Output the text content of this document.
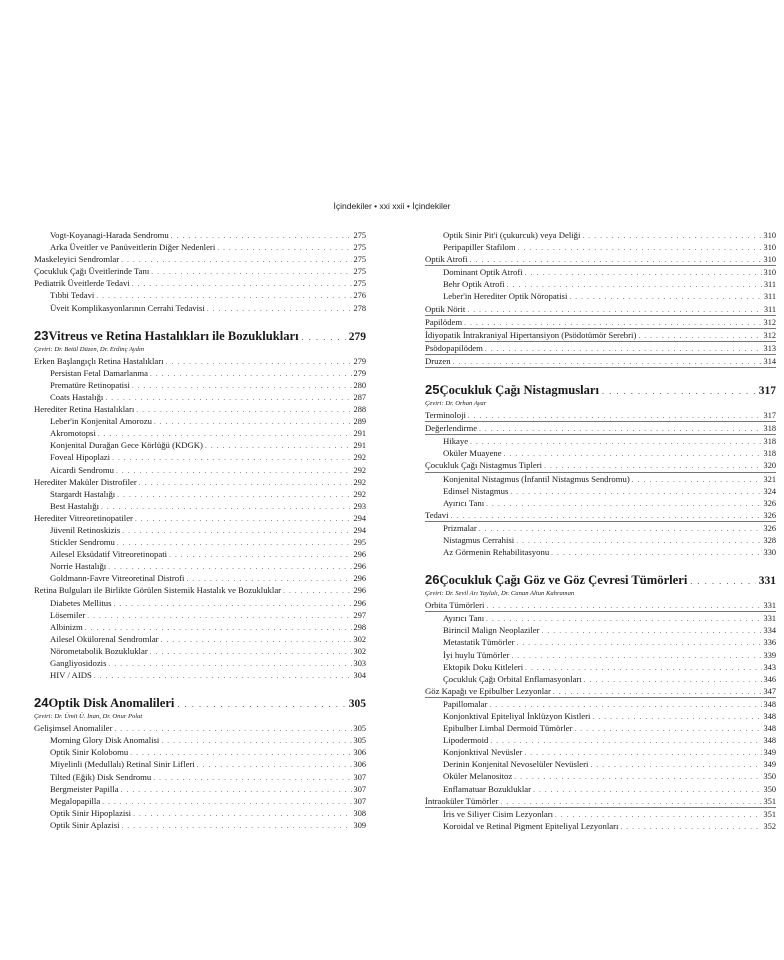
İçindekiler • xxi xxii • İçindekiler
Vogt-Koyanagi-Harada Sendromu . . .	275
Arka Üveitler ve Panüveitlerin Diğer Nedenleri . . .	275
Maskeleyici Sendromlar . . .	275
Çocukluk Çağı Üveitlerinde Tanı . . .	275
Pediatrik Üveitlerde Tedavi . . .	275
Tıbbi Tedavi . . .	276
Üveit Komplikasyonlarının Cerrahi Tedavisi . . .	278
23 Vitreus ve Retina Hastalıkları ile Bozuklukları . . .	279
Çeviri: Dr. Betül Düzen, Dr. Erdinç Aydın
Erken Başlangıçlı Retina Hastalıkları . . .	279
Persistan Fetal Damarlanma . . .	279
Prematüre Retinopatisi . . .	280
Coats Hastalığı . . .	287
Herediter Retina Hastalıkları . . .	288
Leber'in Konjenital Amorozu . . .	289
Akromotopsi . . .	291
Konjenital Durağan Gece Körlüğü (KDGK) . . .	291
Foveal Hipoplazi . . .	292
Aicardi Sendromu . . .	292
Herediter Maküler Distrofiler . . .	292
Stargardt Hastalığı . . .	292
Best Hastalığı . . .	293
Herediter Vitreoretinopatiler . . .	294
Jüvenil Retinoskizis . . .	294
Stickler Sendromu . . .	295
Ailesel Eksüdatif Vitreoretinopati . . .	296
Norrie Hastalığı . . .	296
Goldmann-Favre Vitreoretinal Distrofi . . .	296
Retina Bulguları ile Birlikte Görülen Sistemik Hastalık ve Bozukluklar . . .	296
Diabetes Mellitus . . .	296
Lösemiler . . .	297
Albinizm . . .	298
Ailesel Okülorenal Sendromlar . . .	302
Nörometabolik Bozukluklar . . .	302
Gangliyosidozis . . .	303
HIV / AIDS . . .	304
24 Optik Disk Anomalileri . . .	305
Çeviri: Dr. Ümit Ü. İnan, Dr. Onur Polat
Gelişimsel Anomaliler . . .	305
Morning Glory Disk Anomalisi . . .	305
Optik Sinir Kolobomu . . .	306
Miyelinli (Medullalı) Retinal Sinir Lifleri . . .	306
Tilted (Eğik) Disk Sendromu . . .	307
Bergmeister Papilla . . .	307
Megalopapilla . . .	307
Optik Sinir Hipoplazisi . . .	308
Optik Sinir Aplazisi . . .	309
Optik Sinir Pit'i (çukurcuk) veya Deliği . . .	310
Peripapiller Stafilom . . .	310
Optik Atrofi . . .	310
Dominant Optik Atrofi . . .	310
Behr Optik Atrofi . . .	311
Leber'in Herediter Optik Nöropatisi . . .	311
Optik Nörit . . .	311
Papilödem . . .	312
İdiyopatik İntrakraniyal Hipertansiyon (Psödotümör Serebri) . . .	312
Psödopapilödem . . .	313
Druzen . . .	314
25 Çocukluk Çağı Nistagmusları . . .	317
Çeviri: Dr. Orhan Ayar
Terminoloji . . .	317
Değerlendirme . . .	318
Hikaye . . .	318
Oküler Muayene . . .	318
Çocukluk Çağı Nistagmus Tipleri . . .	320
Konjenital Nistagmus (İnfantil Nistagmus Sendromu) . . .	321
Edinsel Nistagmus . . .	324
Ayırıcı Tanı . . .	326
Tedavi . . .	326
Prizmalar . . .	326
Nistagmus Cerrahisi . . .	328
Az Görmenin Rehabilitasyonu . . .	330
26 Çocukluk Çağı Göz ve Göz Çevresi Tümörleri . . .	331
Çeviri: Dr. Sevil Arı Yaylalı, Dr. Canan Altun Kahraman
Orbita Tümörleri . . .	331
Ayırıcı Tanı . . .	331
Birincil Malign Neoplaziler . . .	334
Metastatik Tümörler . . .	336
İyi huylu Tümörler . . .	339
Ektopik Doku Kitleleri . . .	343
Çocukluk Çağı Orbital Enflamasyonları . . .	346
Göz Kapağı ve Epibulber Lezyonlar . . .	347
Papillomalar . . .	348
Konjonktival Epiteliyal İnklüzyon Kistleri . . .	348
Epibulber Limbal Dermoid Tümörler . . .	348
Lipodermoid . . .	348
Konjonktival Nevüsler . . .	349
Derinin Konjenital Nevoselüler Nevüsleri . . .	349
Oküler Melanositoz . . .	350
Enflamatuar Bozukluklar . . .	350
İntraoküler Tümörler . . .	351
İris ve Siliyer Cisim Lezyonları . . .	351
Koroidal ve Retinal Pigment Epiteliyal Lezyonları . . .	352
